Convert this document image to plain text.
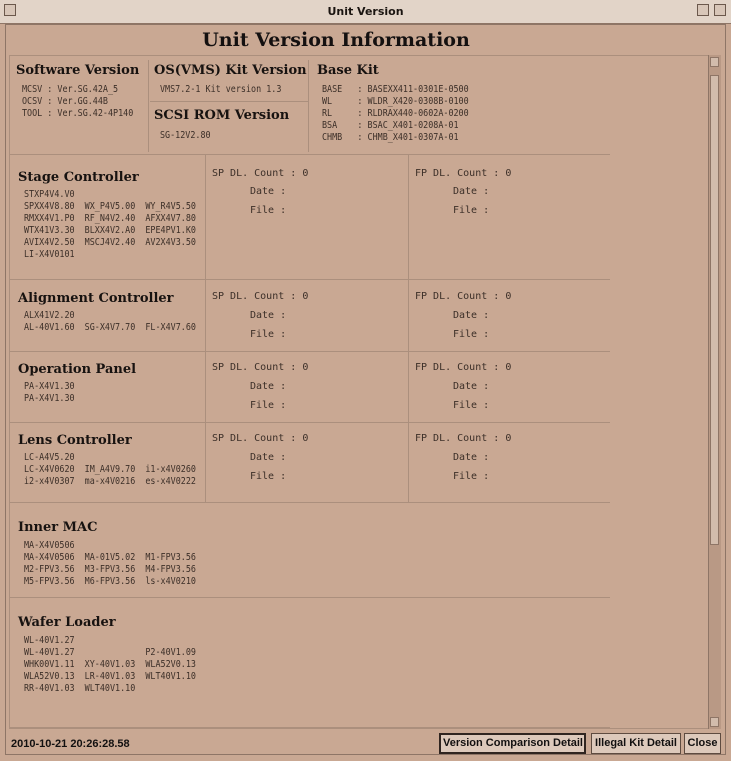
Unit Version
Unit Version Information
Software Version
MCSV : Ver.SG.42A_5
OCSV : Ver.GG.44B
TOOL : Ver.SG.42-4P140
OS(VMS) Kit Version
VMS7.2-1 Kit version 1.3
SCSI ROM Version
SG-12V2.80
Base Kit
BASE   : BASEXX411-0301E-0500
WL     : WLDR_X420-0308B-0100
RL     : RLDRAX440-0602A-0200
BSA    : BSAC_X401-0208A-01
CHMB   : CHMB_X401-0307A-01
Stage Controller
STXP4V4.V0
SPXX4V8.80  WX_P4V5.00  WY_R4V5.50
RMXX4V1.P0  RF_N4V2.40  AFXX4V7.80
WTX41V3.30  BLXX4V2.A0  EPE4PV1.K0
AVIX4V2.50  MSCJ4V2.40  AV2X4V3.50
LI-X4V0101
SP DL. Count : 0
Date :
File :
FP DL. Count : 0
Date :
File :
Alignment Controller
ALX41V2.20
AL-40V1.60  SG-X4V7.70  FL-X4V7.60
SP DL. Count : 0
Date :
File :
FP DL. Count : 0
Date :
File :
Operation Panel
PA-X4V1.30
PA-X4V1.30
SP DL. Count : 0
Date :
File :
FP DL. Count : 0
Date :
File :
Lens Controller
LC-A4V5.20
LC-X4V0620  IM_A4V9.70  i1-x4V0260
i2-x4V0307  ma-x4V0216  es-x4V0222
SP DL. Count : 0
Date :
File :
FP DL. Count : 0
Date :
File :
Inner MAC
MA-X4V0506
MA-X4V0506  MA-01V5.02  M1-FPV3.56
M2-FPV3.56  M3-FPV3.56  M4-FPV3.56
M5-FPV3.56  M6-FPV3.56  ls-x4V0210
Wafer Loader
WL-40V1.27
WL-40V1.27              P2-40V1.09
WHK00V1.11  XY-40V1.03  WLA52V0.13
WLA52V0.13  LR-40V1.03  WLT40V1.10
RR-40V1.03  WLT40V1.10
2010-10-21 20:26:28.58	Version Comparison Detail	Illegal Kit Detail Close
